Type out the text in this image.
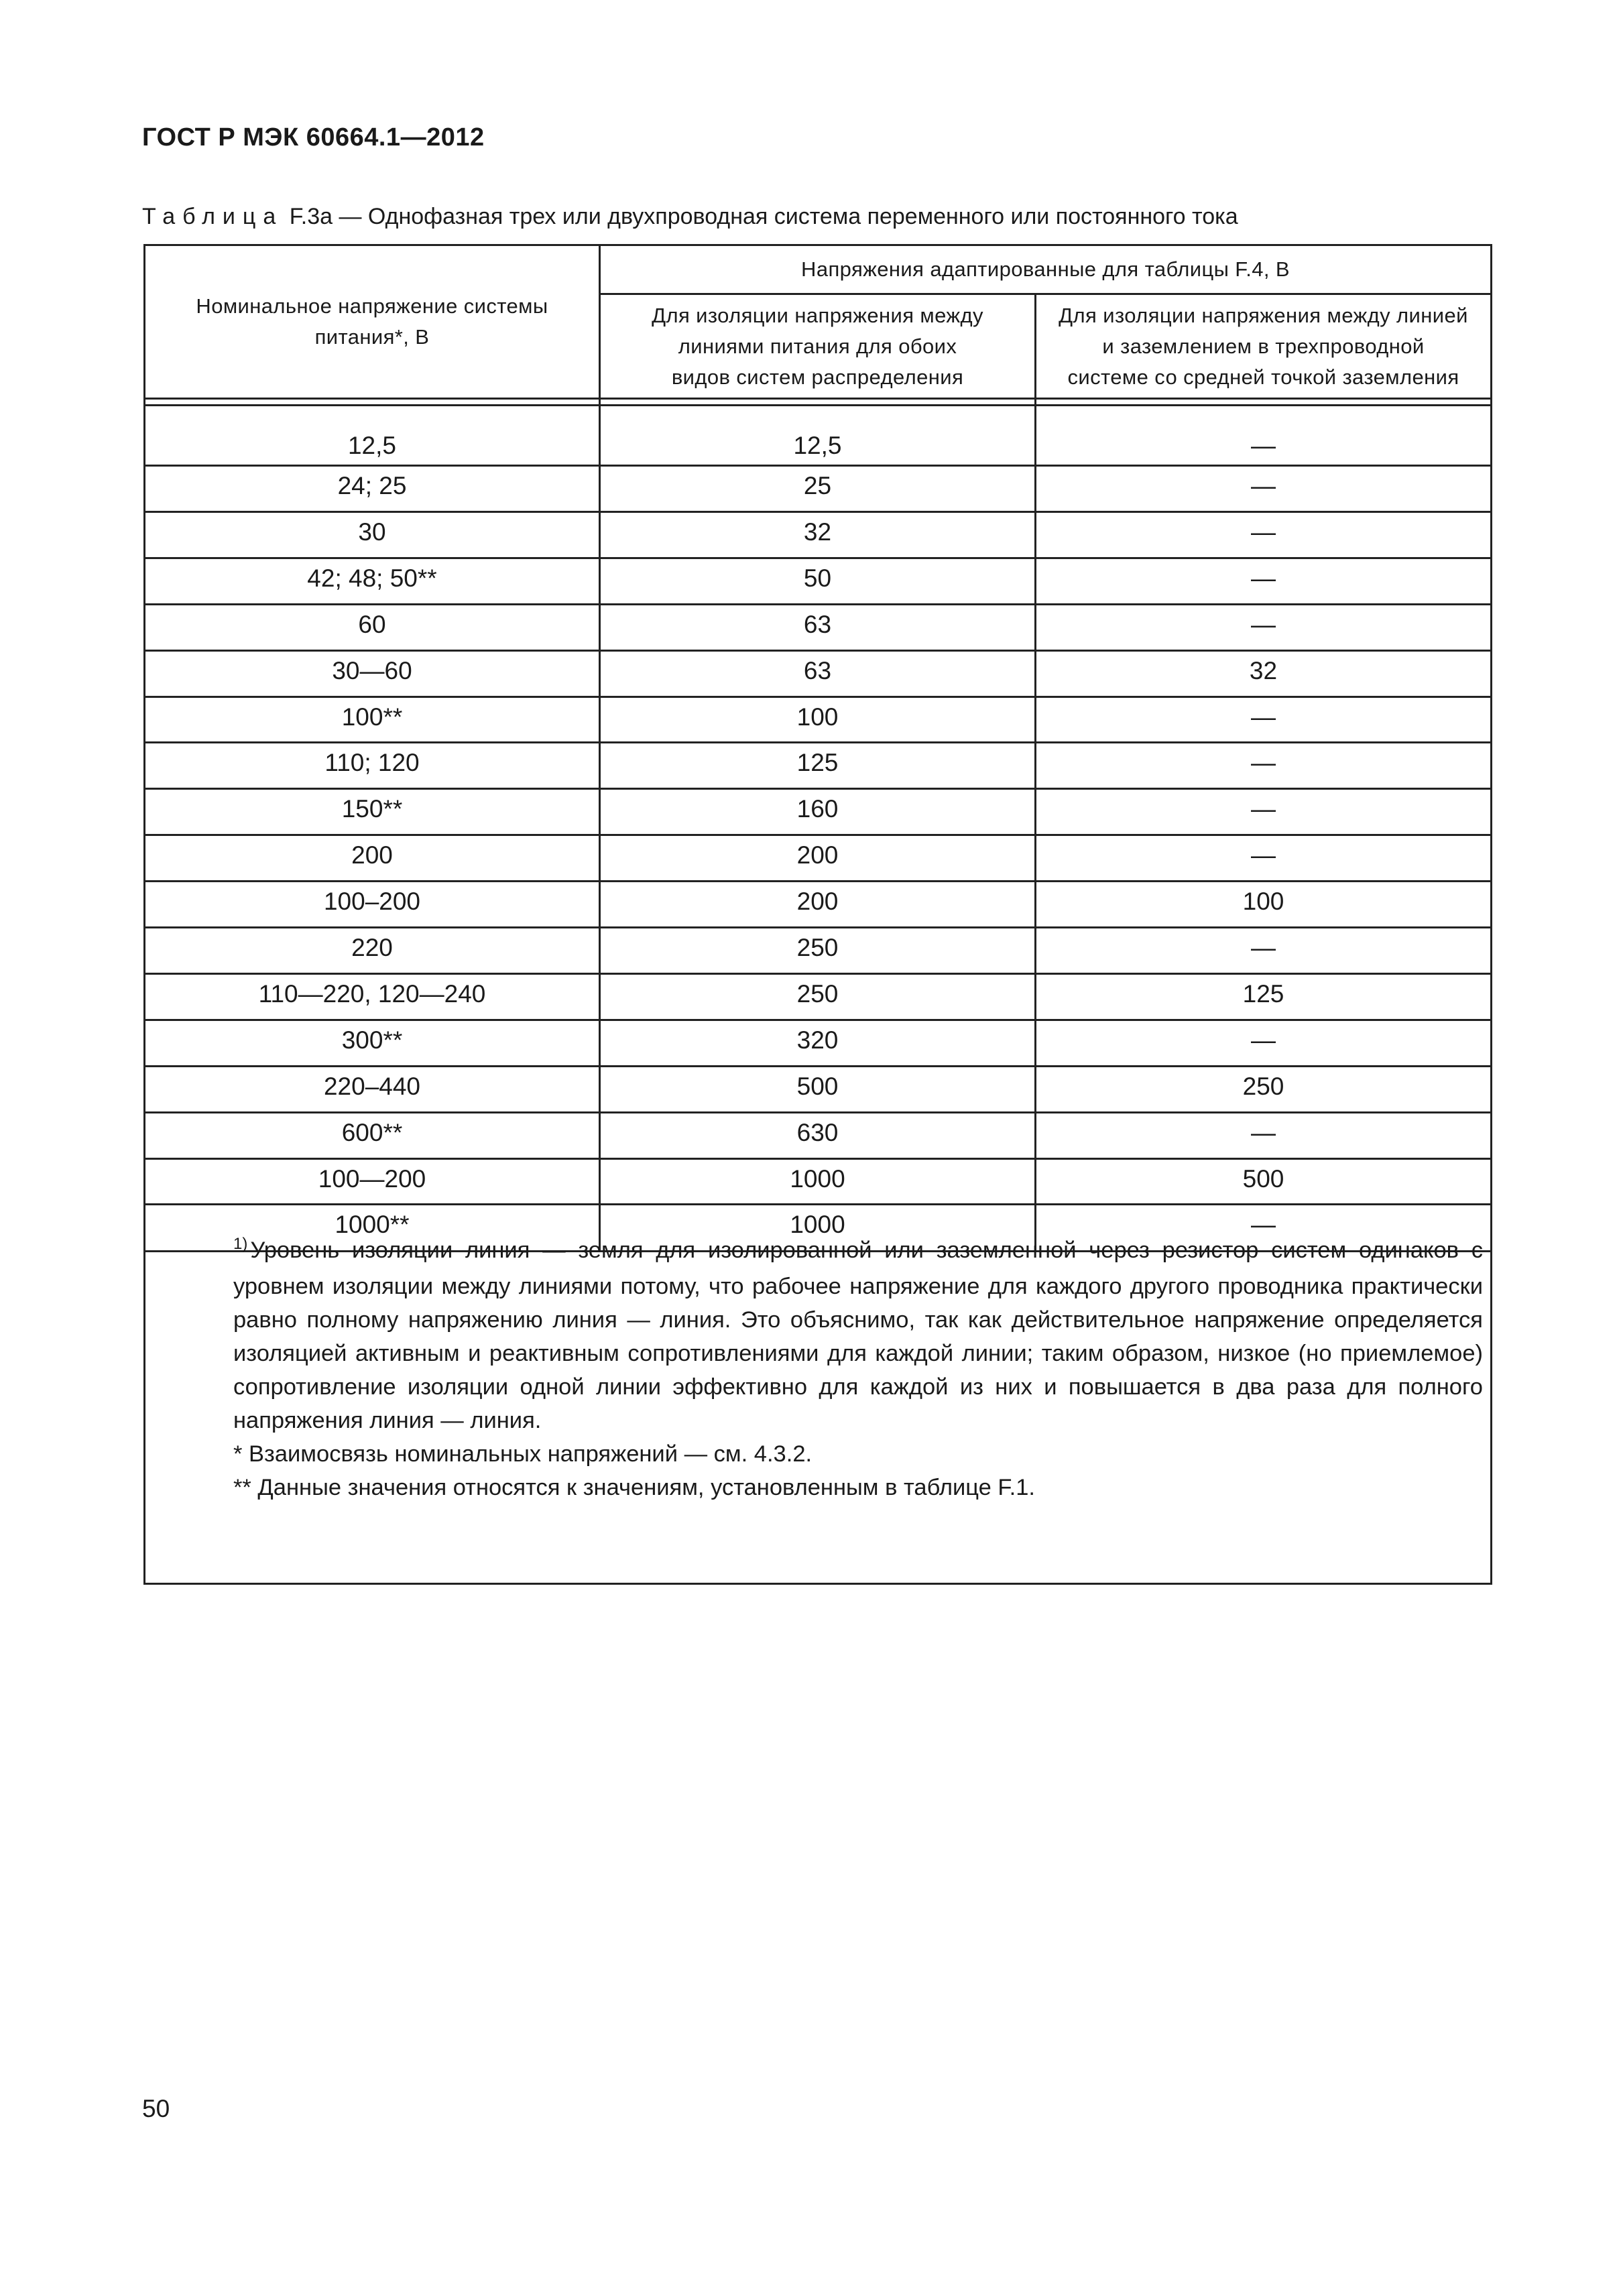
ГОСТ Р МЭК 60664.1—2012
Таблица F.3a — Однофазная трех или двухпроводная система переменного или постоянного тока
Номинальное напряжение системы
питания*, В
Напряжения адаптированные для таблицы F.4, В
Для изоляции напряжения между
линиями питания для обоих
видов систем распределения
Для изоляции напряжения между линией
и заземлением в трехпроводной
системе со средней точкой заземления
12,5	12,5	—
24; 25	25	—
30	32	—
42; 48; 50**	50	—
60	63	—
30—60	63	32
100**	100	—
110; 120	125	—
150**	160	—
200	200	—
100–200	200	100
220	250	—
110—220, 120—240	250	125
300**	320	—
220–440	500	250
600**	630	—
100—200	1000	500
1000**	1000	—

$^{1)}$ Уровень изоляции линия — земля для изолированной или заземленной через резистор систем одинаков с уровнем изоляции между линиями потому, что рабочее напряжение для каждого другого проводника практически равно полному напряжению линия — линия. Это объяснимо, так как действительное напряжение определяется изоляцией активным и реактивным сопротивлениями для каждой линии; таким образом, низкое (но приемлемое) сопротивление изоляции одной линии эффективно для каждой из них и повышается в два раза для полного напряжения линия — линия.

* Взаимосвязь номинальных напряжений — см. 4.3.2.

** Данные значения относятся к значениям, установленным в таблице F.1.

50
